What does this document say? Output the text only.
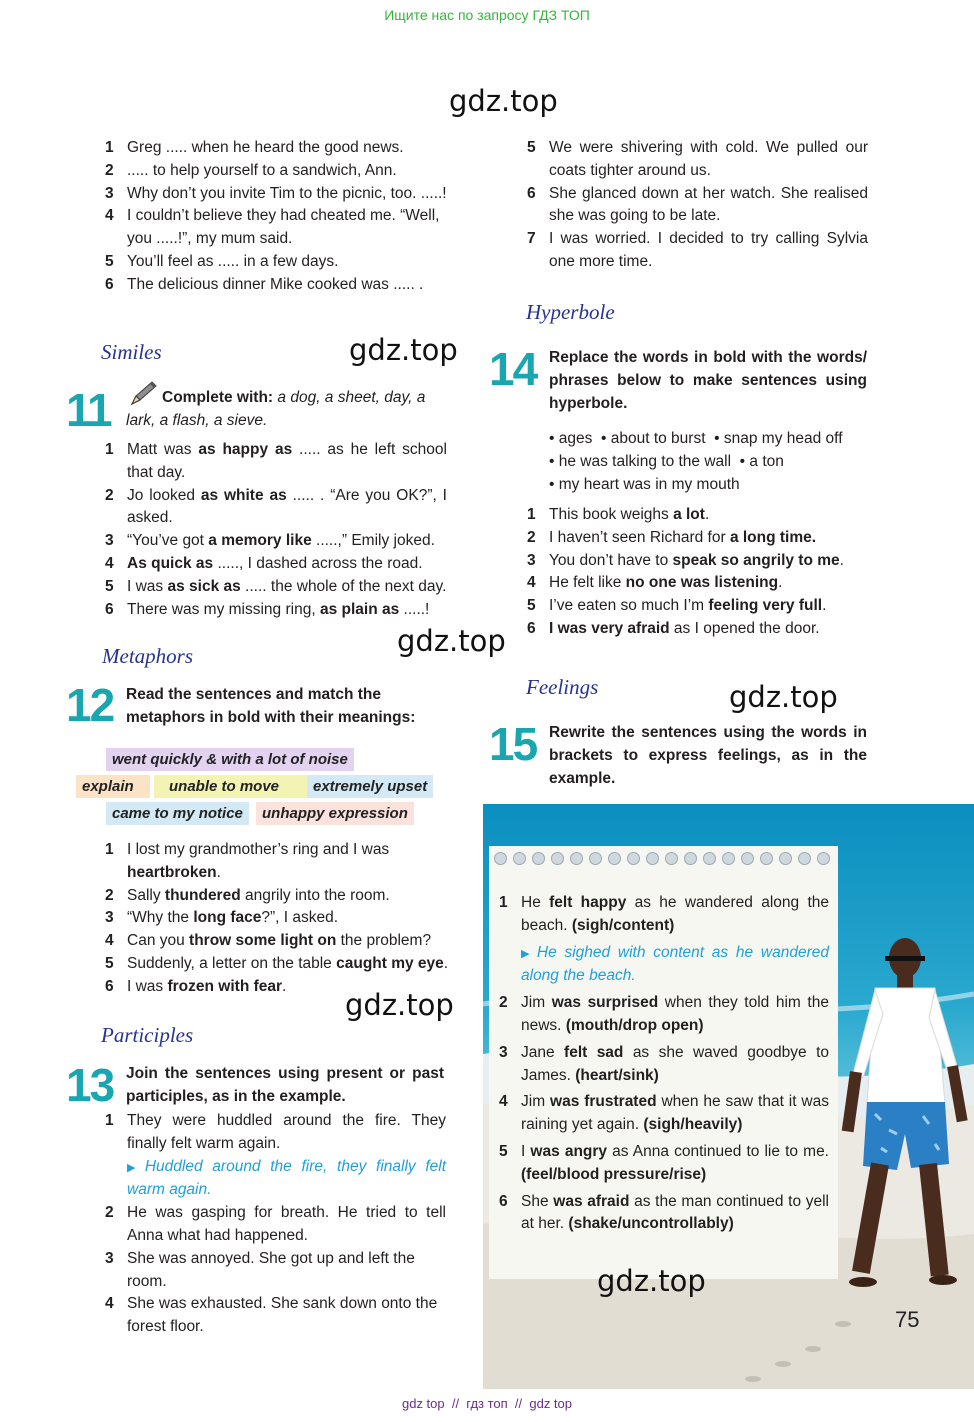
Ищите нас по запросу ГДЗ ТОП
gdz.top
gdz.top
gdz.top
gdz.top
gdz.top
1 Greg ..... when he heard the good news.
2 ..... to help yourself to a sandwich, Ann.
3 Why don’t you invite Tim to the picnic, too. .....!
4 I couldn’t believe they had cheated me. “Well, you .....!”, my mum said.
5 You’ll feel as ..... in a few days.
6 The delicious dinner Mike cooked was ..... .
Similes
11	Complete with: a dog, a sheet, day, a lark, a flash, a sieve.
1 Matt was as happy as ..... as he left school that day.
2 Jo looked as white as ..... . “Are you OK?”, I asked.
3 “You’ve got a memory like .....,” Emily joked.
4 As quick as ....., I dashed across the road.
5 I was as sick as ..... the whole of the next day.
6 There was my missing ring, as plain as .....!
Metaphors
12 Read the sentences and match the metaphors in bold with their meanings:
went quickly & with a lot of noise
explain	unable to move	extremely upset
came to my notice	unhappy expression
1 I lost my grandmother’s ring and I was heartbroken.
2 Sally thundered angrily into the room.
3 “Why the long face?”, I asked.
4 Can you throw some light on the problem?
5 Suddenly, a letter on the table caught my eye.
6 I was frozen with fear.
Participles
13 Join the sentences using present or past participles, as in the example.
1 They were huddled around the fire. They finally felt warm again.
▶ Huddled around the fire, they finally felt warm again.
2 He was gasping for breath. He tried to tell Anna what had happened.
3 She was annoyed. She got up and left the room.
4 She was exhausted. She sank down onto the forest floor.
5 We were shivering with cold. We pulled our coats tighter around us.
6 She glanced down at her watch. She realised she was going to be late.
7 I was worried. I decided to try calling Sylvia one more time.
Hyperbole
14 Replace the words in bold with the words/ phrases below to make sentences using hyperbole.
• ages  • about to burst  • snap my head off
• he was talking to the wall  • a ton
• my heart was in my mouth
1 This book weighs a lot.
2 I haven’t seen Richard for a long time.
3 You don’t have to speak so angrily to me.
4 He felt like no one was listening.
5 I’ve eaten so much I’m feeling very full.
6 I was very afraid as I opened the door.
Feelings
15 Rewrite the sentences using the words in brackets to express feelings, as in the example.
1 He felt happy as he wandered along the beach. (sigh/content)
▶ He sighed with content as he wandered along the beach.
2 Jim was surprised when they told him the news. (mouth/drop open)
3 Jane felt sad as she waved goodbye to James. (heart/sink)
4 Jim was frustrated when he saw that it was raining yet again. (sigh/heavily)
5 I was angry as Anna continued to lie to me. (feel/blood pressure/rise)
6 She was afraid as the man continued to yell at her. (shake/uncontrollably)
gdz.top
75
gdz top  //  гдз топ  //  gdz top
